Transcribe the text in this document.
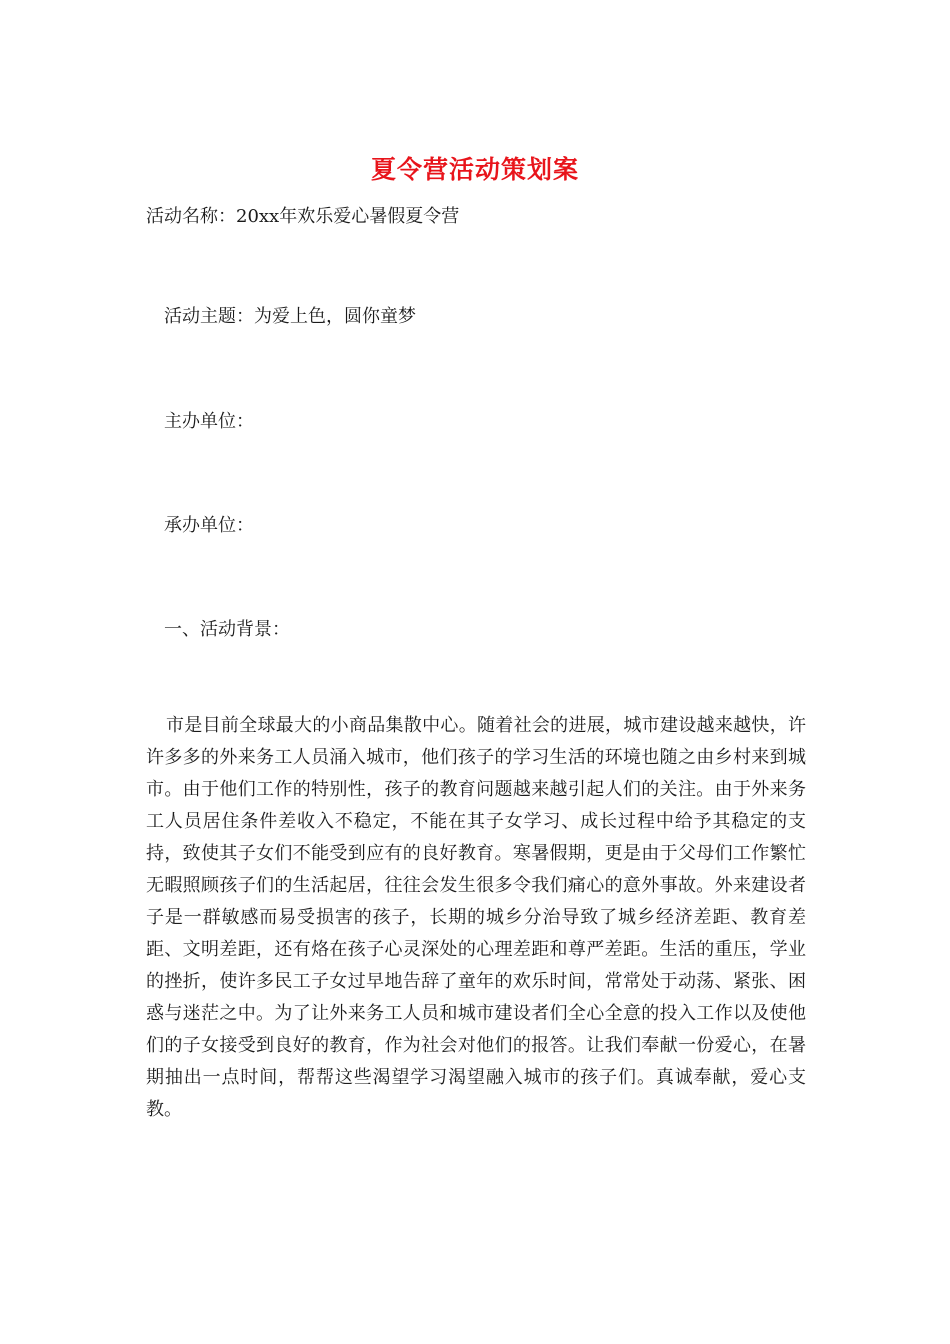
夏令营活动策划案
活动名称：20xx年欢乐爱心暑假夏令营
活动主题：为爱上色，圆你童梦
主办单位：
承办单位：
一、活动背景：
市是目前全球最大的小商品集散中心。随着社会的进展，城市建设越来越快，许许多多的外来务工人员涌入城市，他们孩子的学习生活的环境也随之由乡村来到城市。由于他们工作的特别性，孩子的教育问题越来越引起人们的关注。由于外来务工人员居住条件差收入不稳定，不能在其子女学习、成长过程中给予其稳定的支持，致使其子女们不能受到应有的良好教育。寒暑假期，更是由于父母们工作繁忙无暇照顾孩子们的生活起居，往往会发生很多令我们痛心的意外事故。外来建设者子是一群敏感而易受损害的孩子，长期的城乡分治导致了城乡经济差距、教育差距、文明差距，还有烙在孩子心灵深处的心理差距和尊严差距。生活的重压，学业的挫折，使许多民工子女过早地告辞了童年的欢乐时间，常常处于动荡、紧张、困惑与迷茫之中。为了让外来务工人员和城市建设者们全心全意的投入工作以及使他们的子女接受到良好的教育，作为社会对他们的报答。让我们奉献一份爱心，在暑期抽出一点时间，帮帮这些渴望学习渴望融入城市的孩子们。真诚奉献，爱心支教。
